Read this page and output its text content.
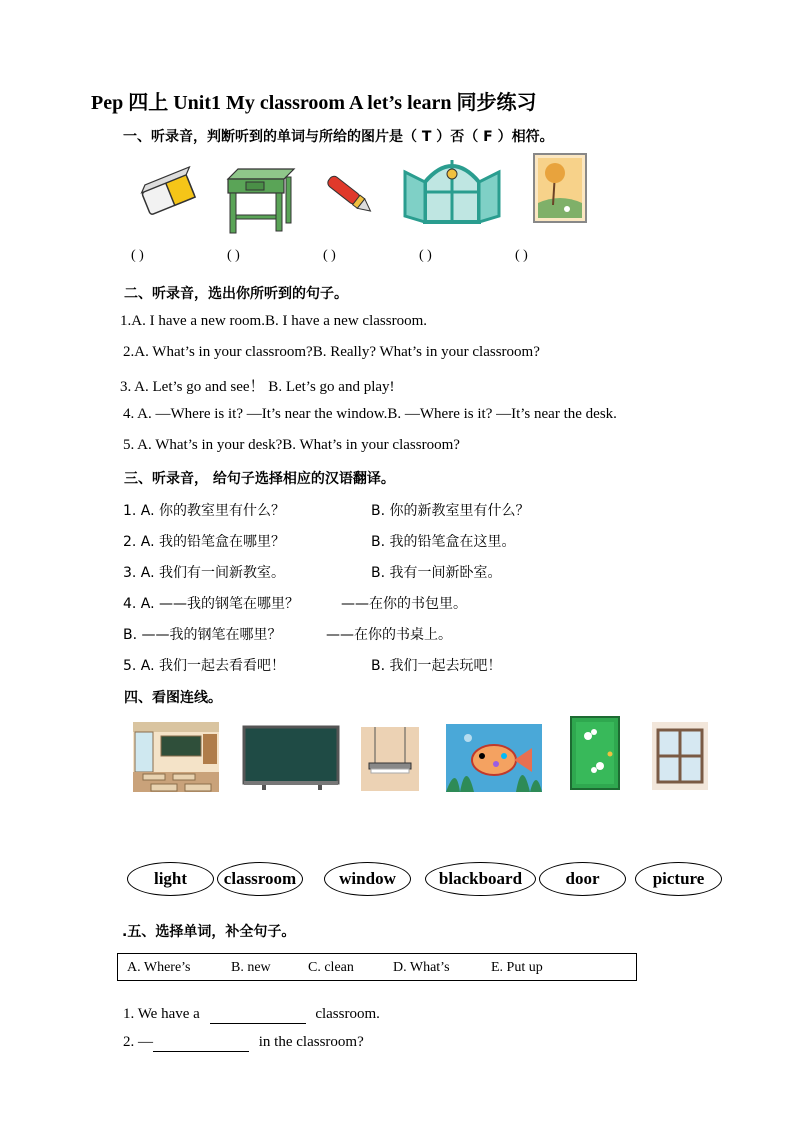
Pep 四上 Unit1 My classroom A let’s learn 同步练习
一、听录音，判断听到的单词与所给的图片是（ T ）否（ F ）相符。
( )	( )	( )	( )	( )
二、听录音，选出你所听到的句子。
1.A. I have a new room.B. I have a new classroom.
2.A. What’s in your classroom?B. Really? What’s in your classroom?
3. A. Let’s go and see！ B. Let’s go and play!
4. A. —Where is it? —It’s near the window.B. —Where is it? —It’s near the desk.
5. A. What’s in your desk?B. What’s in your classroom?
三、听录音， 给句子选择相应的汉语翻译。
1. A. 你的教室里有什么？	B. 你的新教室里有什么？
2. A. 我的铅笔盒在哪里？	B. 我的铅笔盒在这里。
3. A. 我们有一间新教室。	B. 我有一间新卧室。
4. A. ——我的钢笔在哪里？	——在你的书包里。
B. ——我的钢笔在哪里？	——在你的书桌上。
5. A. 我们一起去看看吧！	B. 我们一起去玩吧！
四、看图连线。
light	classroom	window	blackboard	door	picture
.五、选择单词，补全句子。
A. Where’s	B. new	C. clean	D. What’s	E. Put up
1. We have a	classroom.
2. —	in the classroom?
